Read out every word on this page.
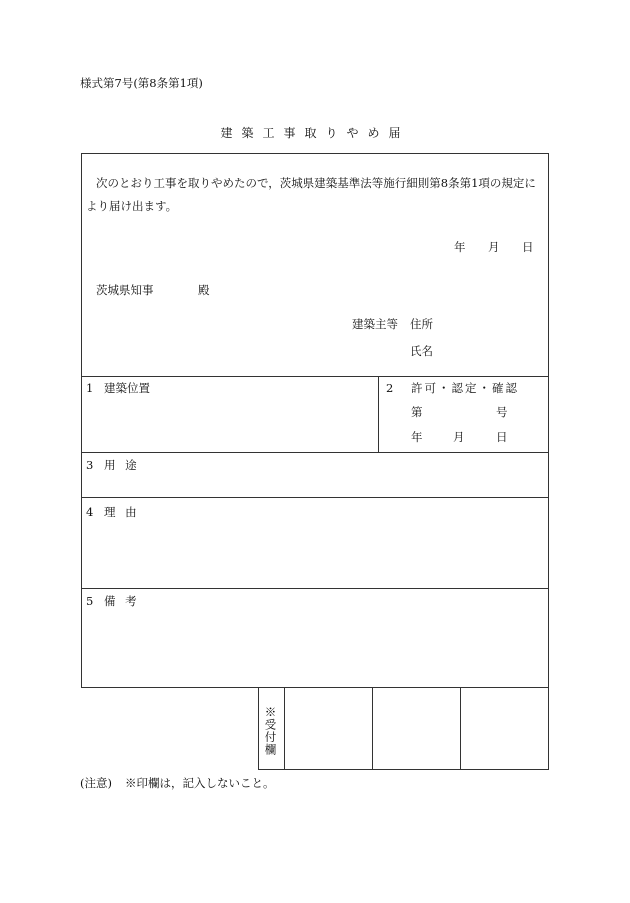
様式第7号(第8条第1項)
建築工事取りやめ届
次のとおり工事を取りやめたので，茨城県建築基準法等施行細則第8条第1項の規定に
より届け出ます。
年 月 日
茨城県知事	殿
建築主等 住所
氏名
1 建築位置	2 許可・認定・確認
第	号
年	月	日
3 用 途
4 理 由
5 備 考
※受付欄
(注意) ※印欄は，記入しないこと。
